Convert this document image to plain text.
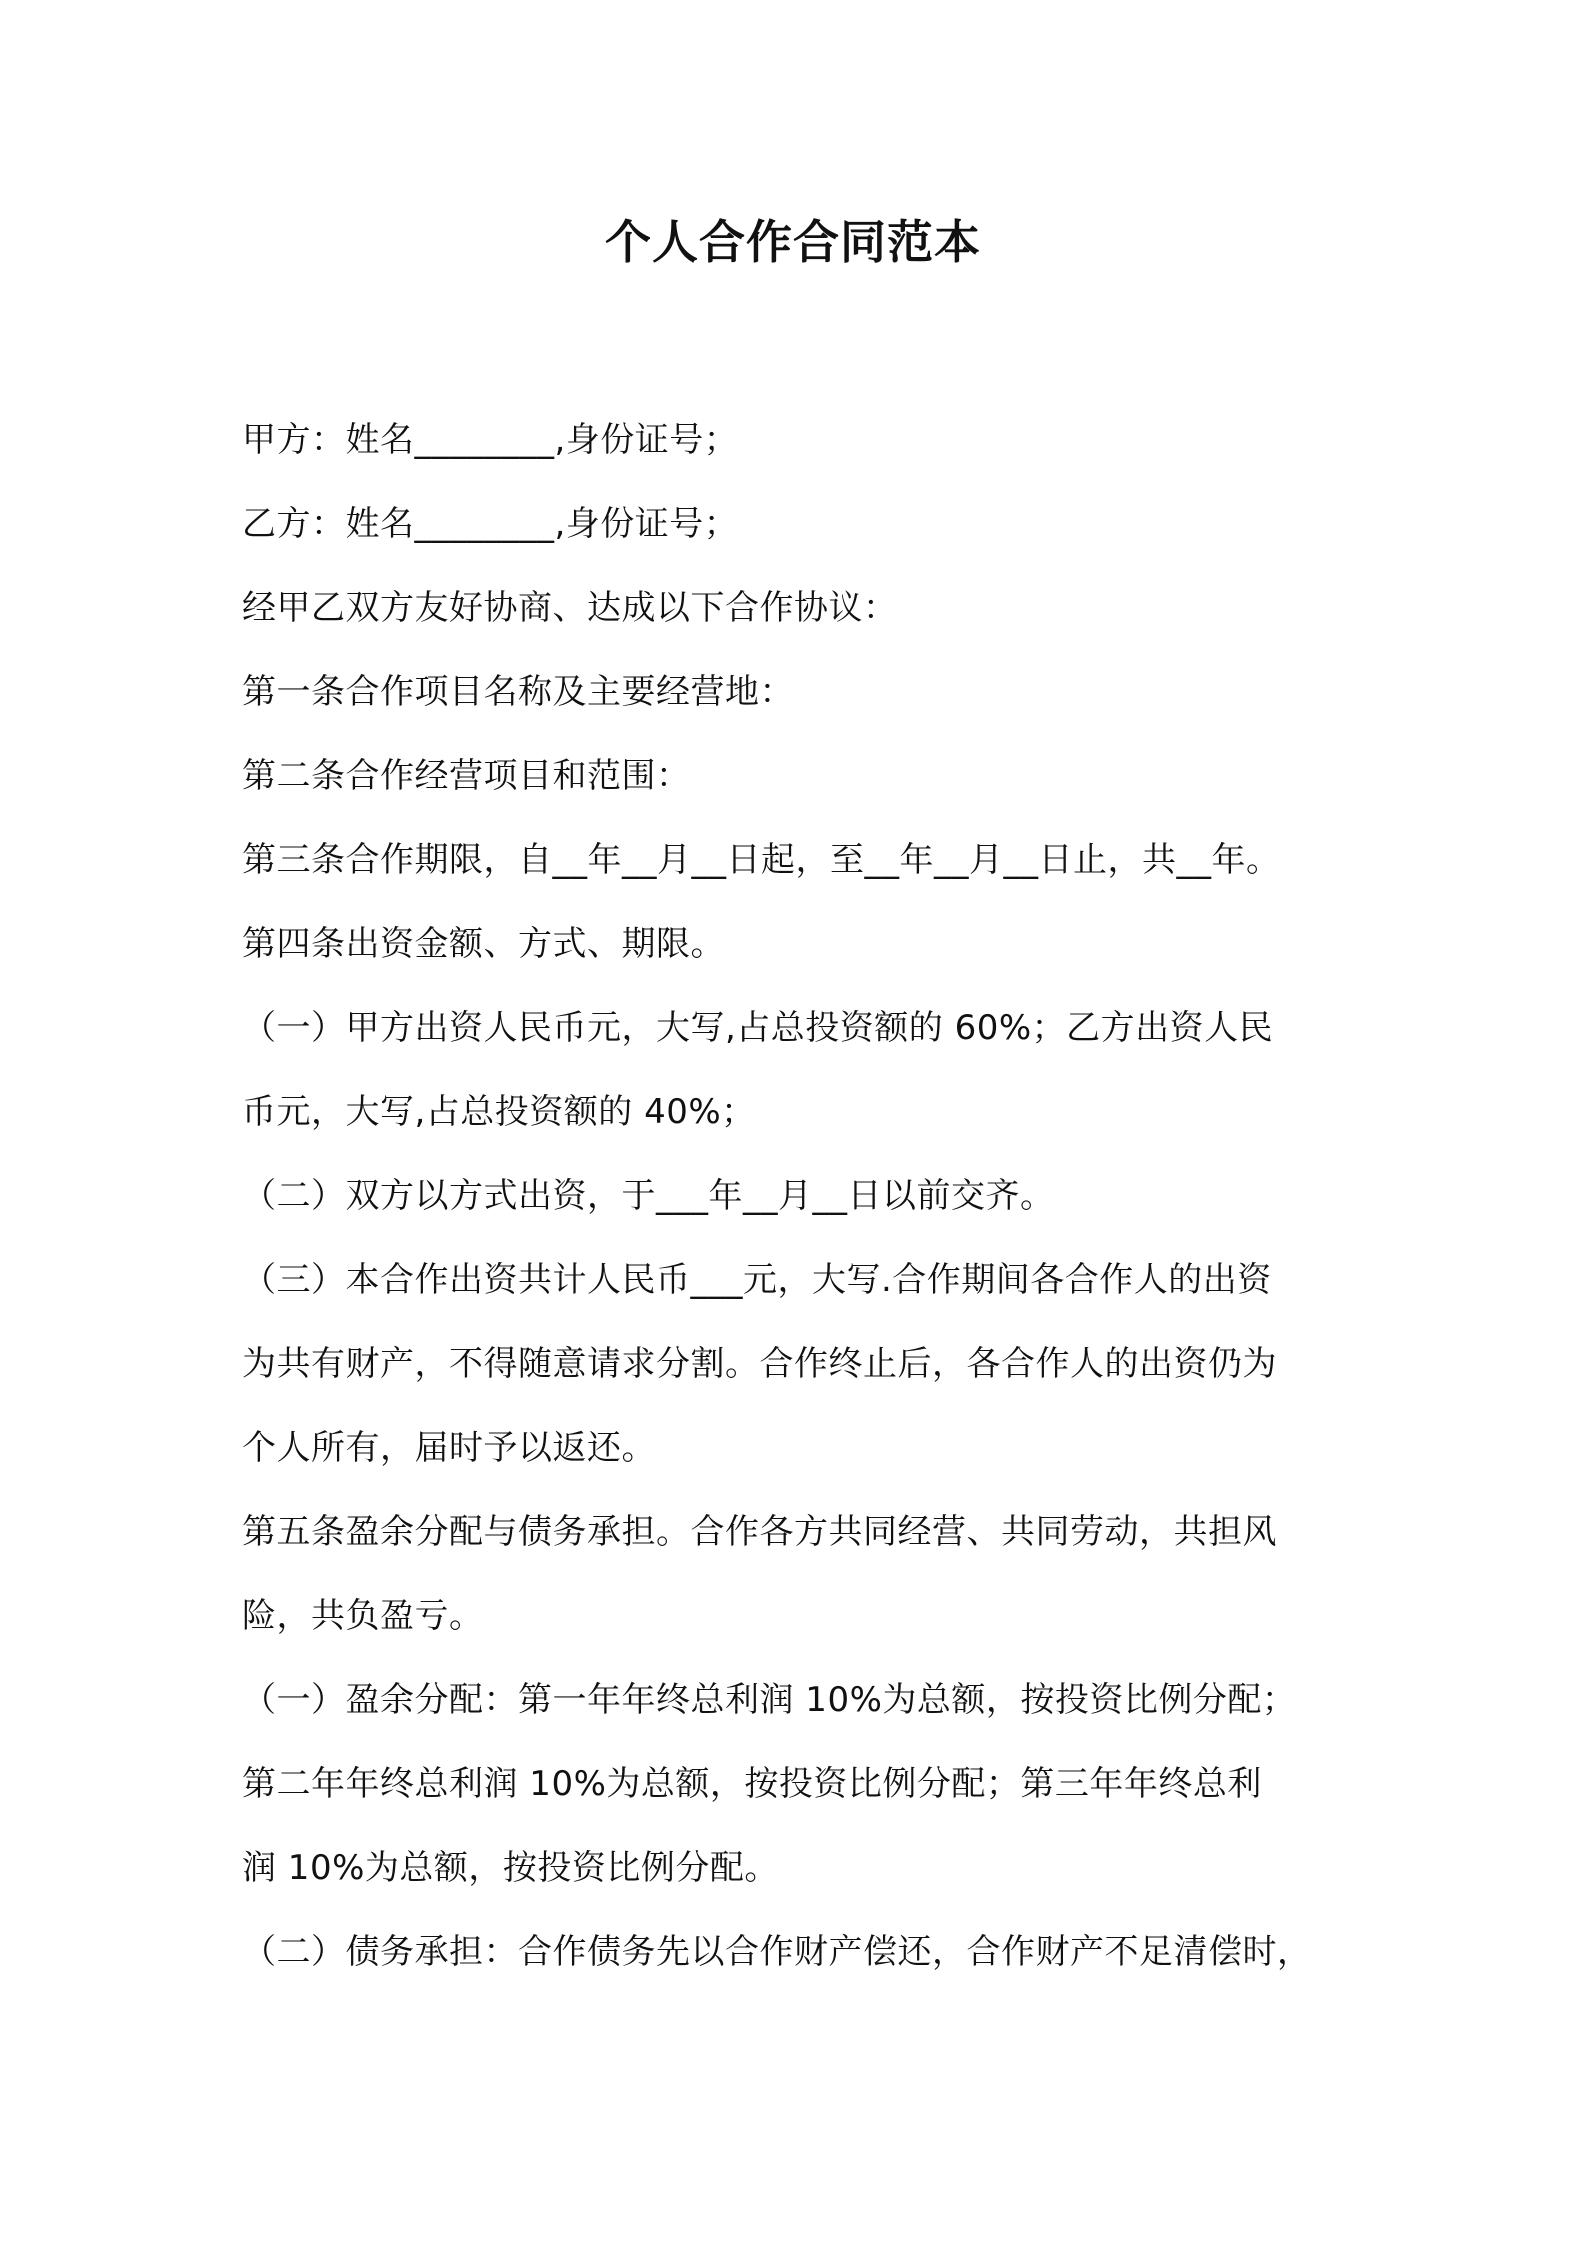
个人合作合同范本

甲方：姓名________,身份证号；

乙方：姓名________,身份证号；

经甲乙双方友好协商、达成以下合作协议：

第一条合作项目名称及主要经营地：

第二条合作经营项目和范围：

第三条合作期限，自__年__月__日起，至__年__月__日止，共__年。

第四条出资金额、方式、期限。

（一）甲方出资人民币元，大写,占总投资额的 60%；乙方出资人民

币元，大写,占总投资额的 40%；

（二）双方以方式出资，于___年__月__日以前交齐。

（三）本合作出资共计人民币___元，大写.合作期间各合作人的出资

为共有财产，不得随意请求分割。合作终止后，各合作人的出资仍为

个人所有，届时予以返还。

第五条盈余分配与债务承担。合作各方共同经营、共同劳动，共担风

险，共负盈亏。

（一）盈余分配：第一年年终总利润 10%为总额，按投资比例分配；

第二年年终总利润 10%为总额，按投资比例分配；第三年年终总利

润 10%为总额，按投资比例分配。

（二）债务承担：合作债务先以合作财产偿还，合作财产不足清偿时，
